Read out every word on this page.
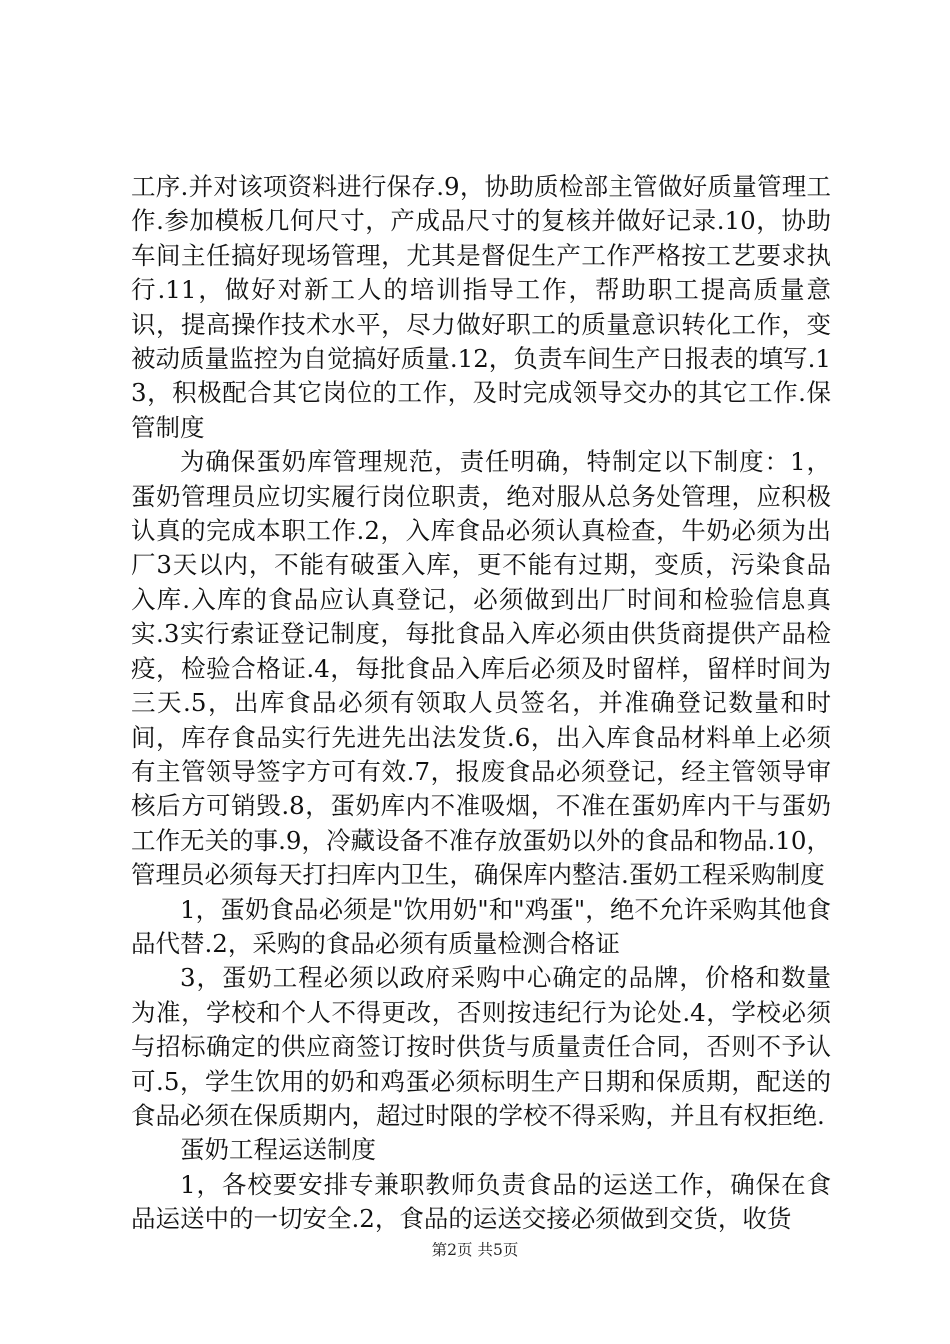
工序.并对该项资料进行保存.9，协助质检部主管做好质量管理工作.参加模板几何尺寸，产成品尺寸的复核并做好记录.10，协助车间主任搞好现场管理，尤其是督促生产工作严格按工艺要求执行.11，做好对新工人的培训指导工作，帮助职工提高质量意识，提高操作技术水平，尽力做好职工的质量意识转化工作，变被动质量监控为自觉搞好质量.12，负责车间生产日报表的填写.13，积极配合其它岗位的工作，及时完成领导交办的其它工作.保管制度

为确保蛋奶库管理规范，责任明确，特制定以下制度：1，蛋奶管理员应切实履行岗位职责，绝对服从总务处管理，应积极认真的完成本职工作.2，入库食品必须认真检查，牛奶必须为出厂3天以内，不能有破蛋入库，更不能有过期，变质，污染食品入库.入库的食品应认真登记，必须做到出厂时间和检验信息真实.3实行索证登记制度，每批食品入库必须由供货商提供产品检疫，检验合格证.4，每批食品入库后必须及时留样，留样时间为三天.5，出库食品必须有领取人员签名，并准确登记数量和时间，库存食品实行先进先出法发货.6，出入库食品材料单上必须有主管领导签字方可有效.7，报废食品必须登记，经主管领导审核后方可销毁.8，蛋奶库内不准吸烟，不准在蛋奶库内干与蛋奶工作无关的事.9，冷藏设备不准存放蛋奶以外的食品和物品.10，管理员必须每天打扫库内卫生，确保库内整洁.蛋奶工程采购制度

1，蛋奶食品必须是"饮用奶"和"鸡蛋"，绝不允许采购其他食品代替.2，采购的食品必须有质量检测合格证

3，蛋奶工程必须以政府采购中心确定的品牌，价格和数量为准，学校和个人不得更改，否则按违纪行为论处.4，学校必须与招标确定的供应商签订按时供货与质量责任合同，否则不予认可.5，学生饮用的奶和鸡蛋必须标明生产日期和保质期，配送的食品必须在保质期内，超过时限的学校不得采购，并且有权拒绝.

蛋奶工程运送制度

1，各校要安排专兼职教师负责食品的运送工作，确保在食品运送中的一切安全.2，食品的运送交接必须做到交货，收货

第2页 共5页
